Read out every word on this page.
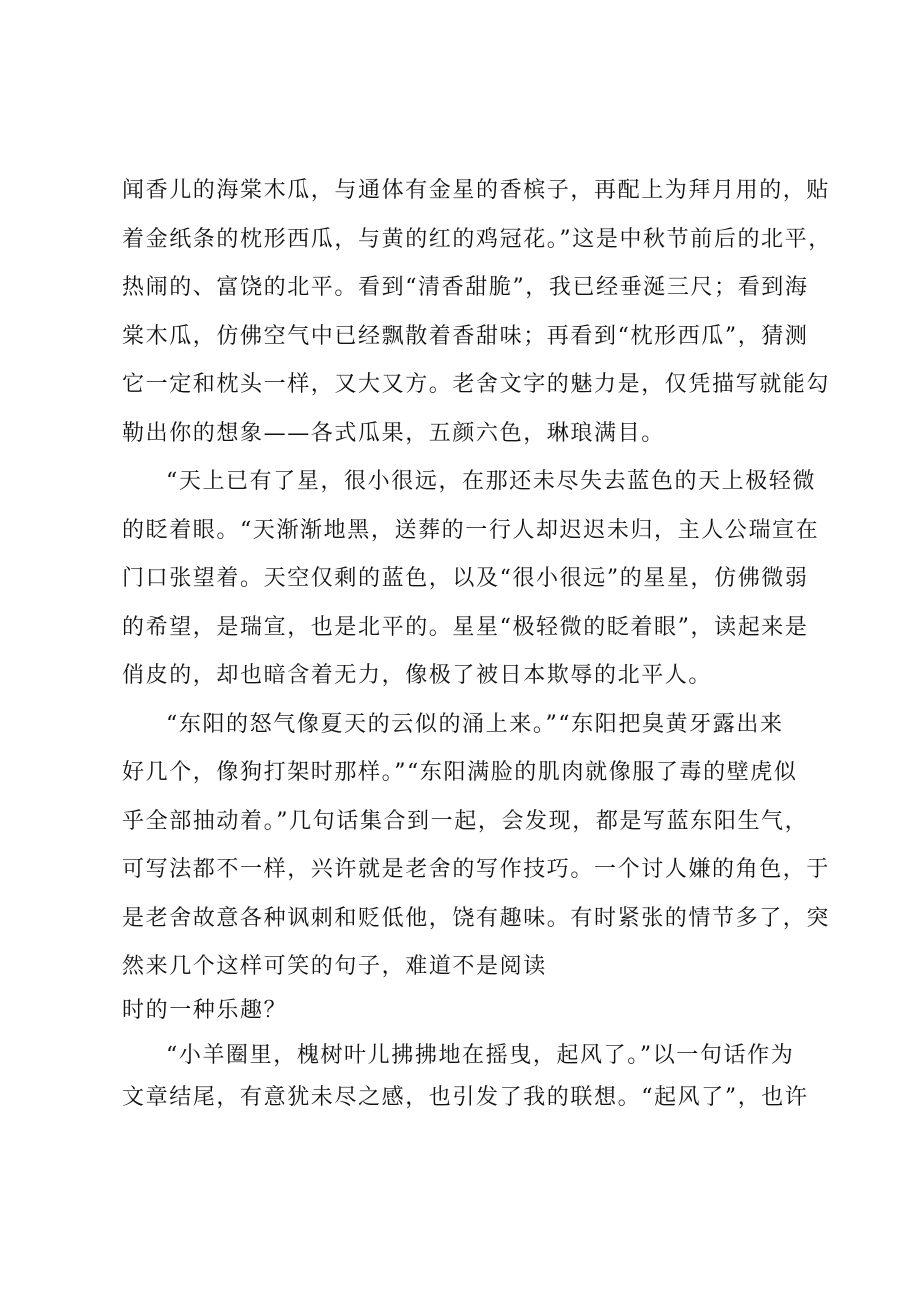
闻香儿的海棠木瓜，与通体有金星的香槟子，再配上为拜月用的，贴
着金纸条的枕形西瓜，与黄的红的鸡冠花。”这是中秋节前后的北平，
热闹的、富饶的北平。看到“清香甜脆”，我已经垂涎三尺；看到海
棠木瓜，仿佛空气中已经飘散着香甜味；再看到“枕形西瓜”，猜测
它一定和枕头一样，又大又方。老舍文字的魅力是，仅凭描写就能勾
勒出你的想象——各式瓜果，五颜六色，琳琅满目。
“天上已有了星，很小很远，在那还未尽失去蓝色的天上极轻微
的眨着眼。“天渐渐地黑，送葬的一行人却迟迟未归，主人公瑞宣在
门口张望着。天空仅剩的蓝色，以及“很小很远”的星星，仿佛微弱
的希望，是瑞宣，也是北平的。星星“极轻微的眨着眼”，读起来是
俏皮的，却也暗含着无力，像极了被日本欺辱的北平人。
“东阳的怒气像夏天的云似的涌上来。”“东阳把臭黄牙露出来
好几个，像狗打架时那样。”“东阳满脸的肌肉就像服了毒的壁虎似
乎全部抽动着。”几句话集合到一起，会发现，都是写蓝东阳生气，
可写法都不一样，兴许就是老舍的写作技巧。一个讨人嫌的角色，于
是老舍故意各种讽刺和贬低他，饶有趣味。有时紧张的情节多了，突
然来几个这样可笑的句子，难道不是阅读
时的一种乐趣？
“小羊圈里，槐树叶儿拂拂地在摇曳，起风了。”以一句话作为
文章结尾，有意犹未尽之感，也引发了我的联想。“起风了”，也许
